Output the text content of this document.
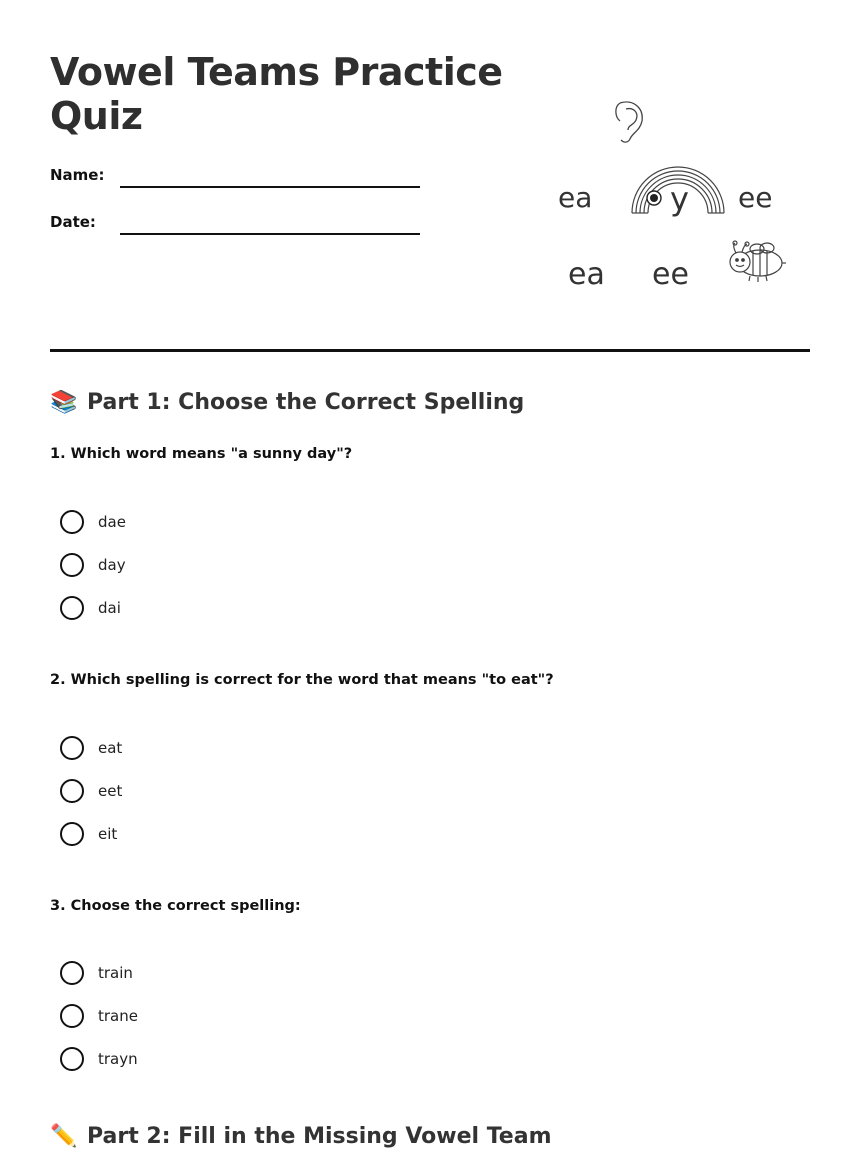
Vowel Teams Practice Quiz
Name:
Date:
ea y ee
ea ee
📚 Part 1: Choose the Correct Spelling
1. Which word means "a sunny day"?
dae
day
dai
2. Which spelling is correct for the word that means "to eat"?
eat
eet
eit
3. Choose the correct spelling:
train
trane
trayn
✏️ Part 2: Fill in the Missing Vowel Team
